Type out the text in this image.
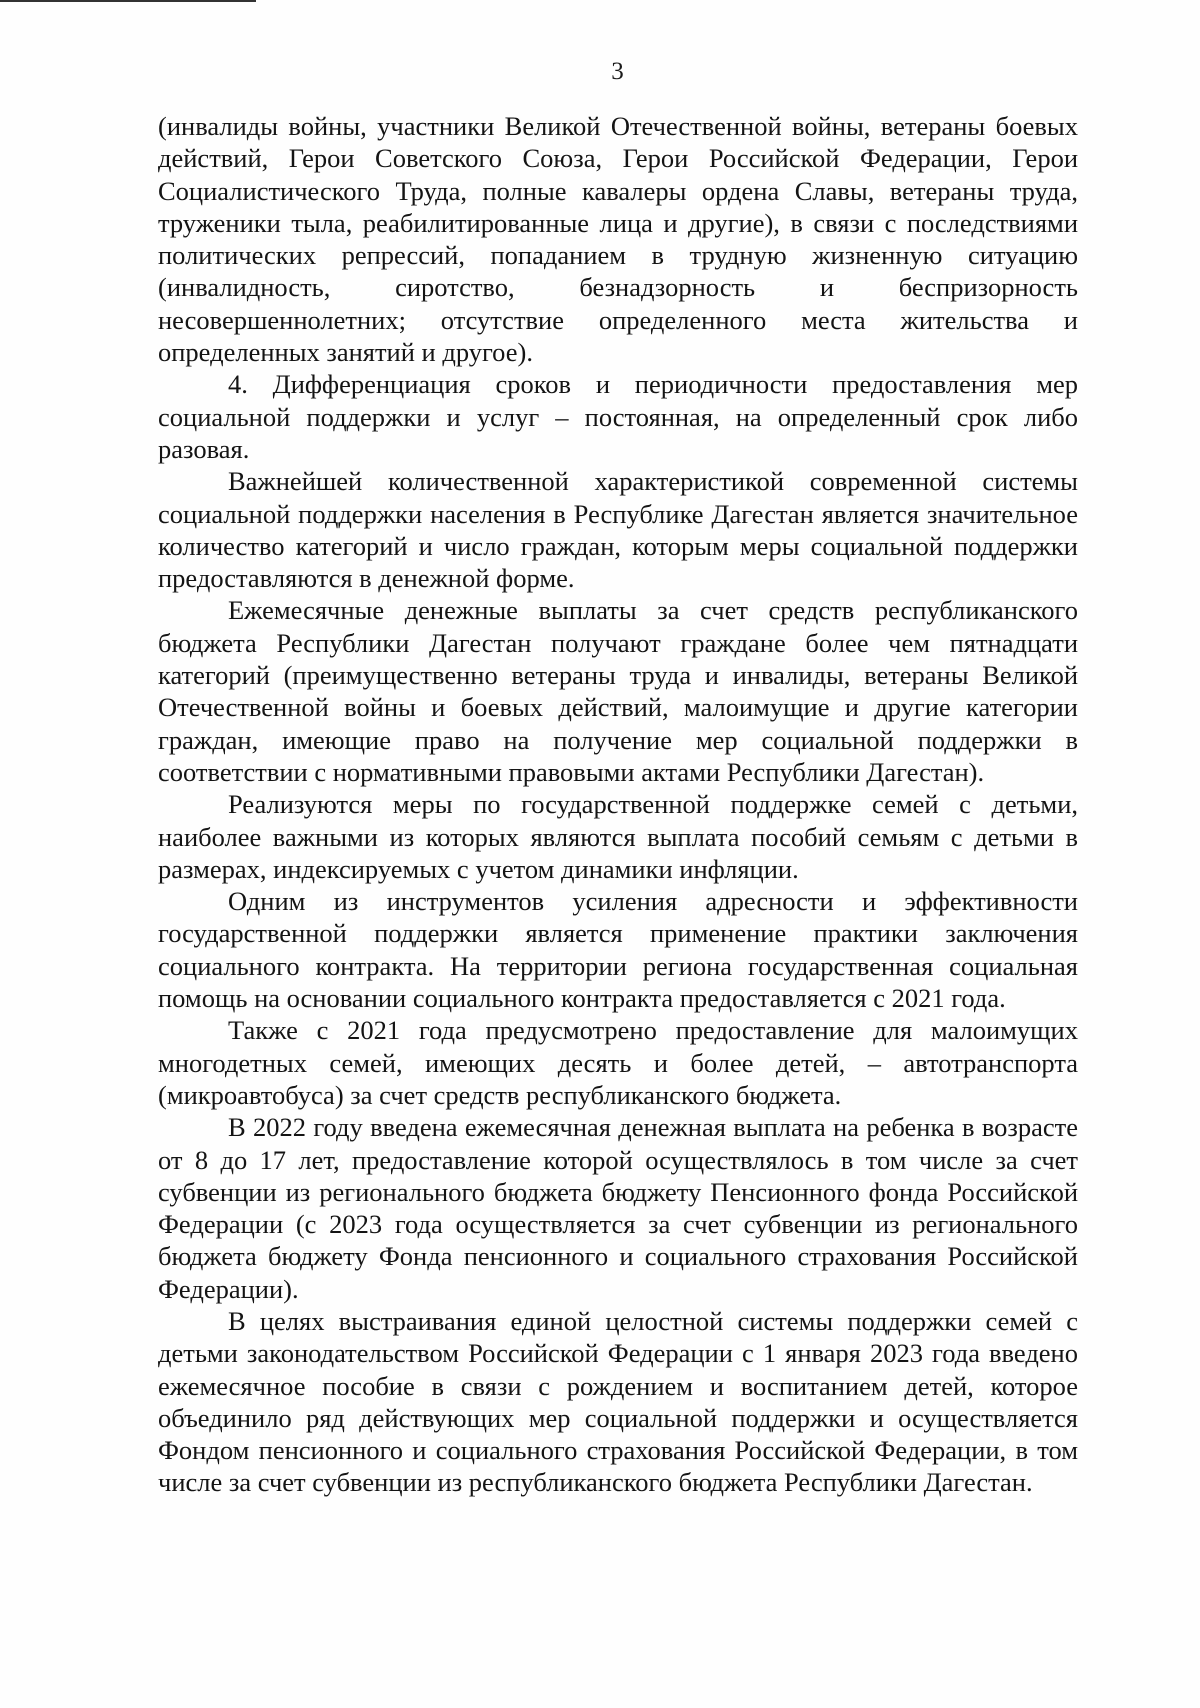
3

(инвалиды войны, участники Великой Отечественной войны, ветераны боевых действий, Герои Советского Союза, Герои Российской Федерации, Герои Социалистического Труда, полные кавалеры ордена Славы, ветераны труда, труженики тыла, реабилитированные лица и другие), в связи с последствиями политических репрессий, попаданием в трудную жизненную ситуацию (инвалидность, сиротство, безнадзорность и беспризорность несовершеннолетних; отсутствие определенного места жительства и определенных занятий и другое).

4. Дифференциация сроков и периодичности предоставления мер социальной поддержки и услуг – постоянная, на определенный срок либо разовая.

Важнейшей количественной характеристикой современной системы социальной поддержки населения в Республике Дагестан является значительное количество категорий и число граждан, которым меры социальной поддержки предоставляются в денежной форме.

Ежемесячные денежные выплаты за счет средств республиканского бюджета Республики Дагестан получают граждане более чем пятнадцати категорий (преимущественно ветераны труда и инвалиды, ветераны Великой Отечественной войны и боевых действий, малоимущие и другие категории граждан, имеющие право на получение мер социальной поддержки в соответствии с нормативными правовыми актами Республики Дагестан).

Реализуются меры по государственной поддержке семей с детьми, наиболее важными из которых являются выплата пособий семьям с детьми в размерах, индексируемых с учетом динамики инфляции.

Одним из инструментов усиления адресности и эффективности государственной поддержки является применение практики заключения социального контракта. На территории региона государственная социальная помощь на основании социального контракта предоставляется с 2021 года.

Также с 2021 года предусмотрено предоставление для малоимущих многодетных семей, имеющих десять и более детей, – автотранспорта (микроавтобуса) за счет средств республиканского бюджета.

В 2022 году введена ежемесячная денежная выплата на ребенка в возрасте от 8 до 17 лет, предоставление которой осуществлялось в том числе за счет субвенции из регионального бюджета бюджету Пенсионного фонда Российской Федерации (с 2023 года осуществляется за счет субвенции из регионального бюджета бюджету Фонда пенсионного и социального страхования Российской Федерации).

В целях выстраивания единой целостной системы поддержки семей с детьми законодательством Российской Федерации с 1 января 2023 года введено ежемесячное пособие в связи с рождением и воспитанием детей, которое объединило ряд действующих мер социальной поддержки и осуществляется Фондом пенсионного и социального страхования Российской Федерации, в том числе за счет субвенции из республиканского бюджета Республики Дагестан.
